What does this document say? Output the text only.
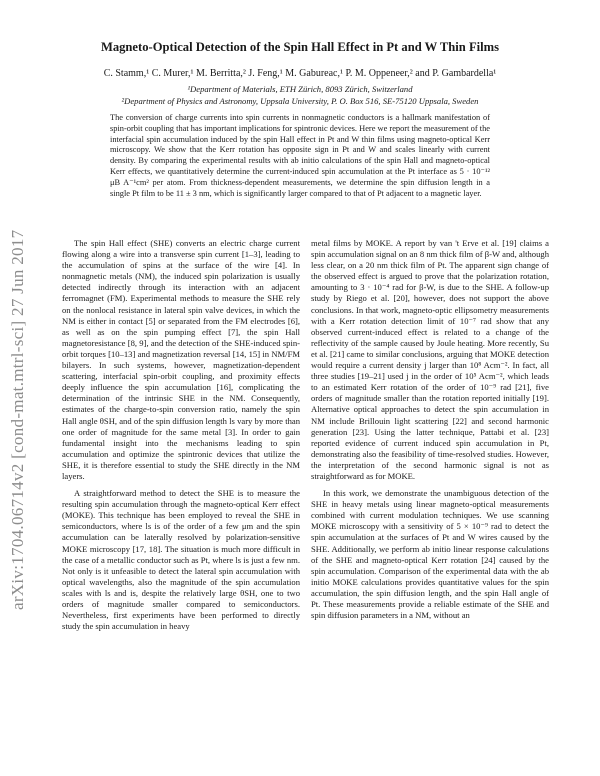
arXiv:1704.06714v2 [cond-mat.mtrl-sci] 27 Jun 2017
Magneto-Optical Detection of the Spin Hall Effect in Pt and W Thin Films
C. Stamm,¹ C. Murer,¹ M. Berritta,² J. Feng,¹ M. Gabureac,¹ P. M. Oppeneer,² and P. Gambardella¹
¹Department of Materials, ETH Zürich, 8093 Zürich, Switzerland
²Department of Physics and Astronomy, Uppsala University, P. O. Box 516, SE-75120 Uppsala, Sweden
The conversion of charge currents into spin currents in nonmagnetic conductors is a hallmark manifestation of spin-orbit coupling that has important implications for spintronic devices. Here we report the measurement of the interfacial spin accumulation induced by the spin Hall effect in Pt and W thin films using magneto-optical Kerr microscopy. We show that the Kerr rotation has opposite sign in Pt and W and scales linearly with current density. By comparing the experimental results with ab initio calculations of the spin Hall and magneto-optical Kerr effects, we quantitatively determine the current-induced spin accumulation at the Pt interface as 5 · 10⁻¹² μB A⁻¹cm² per atom. From thickness-dependent measurements, we determine the spin diffusion length in a single Pt film to be 11 ± 3 nm, which is significantly larger compared to that of Pt adjacent to a magnetic layer.

The spin Hall effect (SHE) converts an electric charge current flowing along a wire into a transverse spin current [1–3], leading to the accumulation of spins at the surface of the wire [4]. In nonmagnetic metals (NM), the induced spin polarization is usually detected indirectly through its interaction with an adjacent ferromagnet (FM). Experimental methods to measure the SHE rely on the nonlocal resistance in lateral spin valve devices, in which the NM is either in contact [5] or separated from the FM electrodes [6], as well as on the spin pumping effect [7], the spin Hall magnetoresistance [8, 9], and the detection of the SHE-induced spin-orbit torques [10–13] and magnetization reversal [14, 15] in NM/FM bilayers. In such systems, however, magnetization-dependent scattering, interfacial spin-orbit coupling, and proximity effects deeply influence the spin accumulation [16], complicating the determination of the intrinsic SHE in the NM. Consequently, estimates of the charge-to-spin conversion ratio, namely the spin Hall angle θSH, and of the spin diffusion length ls vary by more than one order of magnitude for the same metal [3]. In order to gain fundamental insight into the mechanisms leading to spin accumulation and optimize the spintronic devices that utilize the SHE, it is therefore essential to study the SHE directly in the NM layers.

A straightforward method to detect the SHE is to measure the resulting spin accumulation through the magneto-optical Kerr effect (MOKE). This technique has been employed to reveal the SHE in semiconductors, where ls is of the order of a few μm and the spin accumulation can be laterally resolved by polarization-sensitive MOKE microscopy [17, 18]. The situation is much more difficult in the case of a metallic conductor such as Pt, where ls is just a few nm. Not only is it unfeasible to detect the lateral spin accumulation with optical wavelengths, also the magnitude of the spin accumulation scales with ls and is, despite the relatively large θSH, one to two orders of magnitude smaller compared to semiconductors. Nevertheless, first experiments have been performed to directly study the spin accumulation in heavy

metal films by MOKE. A report by van 't Erve et al. [19] claims a spin accumulation signal on an 8 nm thick film of β-W and, although less clear, on a 20 nm thick film of Pt. The apparent sign change of the observed effect is argued to prove that the polarization rotation, amounting to 3 · 10⁻⁴ rad for β-W, is due to the SHE. A follow-up study by Riego et al. [20], however, does not support the above conclusions. In that work, magneto-optic ellipsometry measurements with a Kerr rotation detection limit of 10⁻⁷ rad show that any observed current-induced effect is related to a change of the reflectivity of the sample caused by Joule heating. More recently, Su et al. [21] came to similar conclusions, arguing that MOKE detection would require a current density j larger than 10⁸ Acm⁻². In fact, all three studies [19–21] used j in the order of 10⁵ Acm⁻², which leads to an estimated Kerr rotation of the order of 10⁻⁹ rad [21], five orders of magnitude smaller than the rotation reported initially [19]. Alternative optical approaches to detect the spin accumulation in NM include Brillouin light scattering [22] and second harmonic generation [23]. Using the latter technique, Pattabi et al. [23] reported evidence of current induced spin accumulation in Pt, demonstrating also the feasibility of time-resolved studies. However, the interpretation of the second harmonic signal is not as straightforward as for MOKE.

In this work, we demonstrate the unambiguous detection of the SHE in heavy metals using linear magneto-optical measurements combined with current modulation techniques. We use scanning MOKE microscopy with a sensitivity of 5 × 10⁻⁹ rad to detect the spin accumulation at the surfaces of Pt and W wires caused by the SHE. Additionally, we perform ab initio linear response calculations of the SHE and magneto-optical Kerr rotation [24] caused by the spin accumulation. Comparison of the experimental data with the ab initio MOKE calculations provides quantitative values for the spin accumulation, the spin diffusion length, and the spin Hall angle of Pt. These measurements provide a reliable estimate of the SHE and spin diffusion parameters in a NM, without an
